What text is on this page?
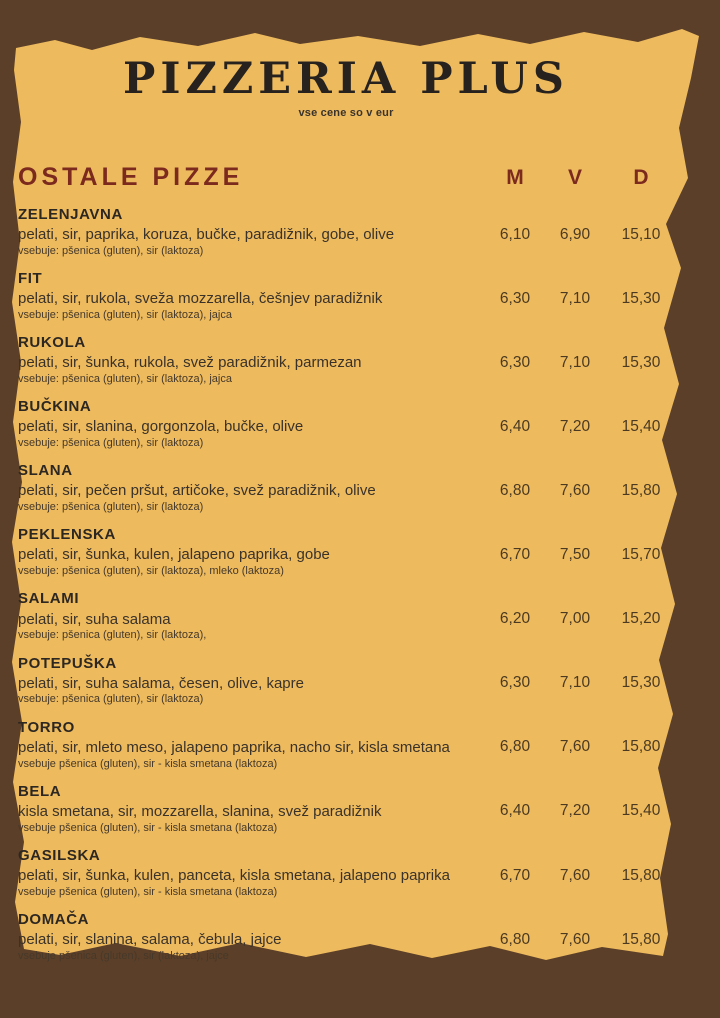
PIZZERIA PLUS
vse cene so v eur
OSTALE PIZZE	M	V	D
ZELENJAVNA
pelati, sir, paprika, koruza, bučke, paradižnik, gobe, olive	6,10	6,90	15,10
vsebuje: pšenica (gluten), sir (laktoza)
FIT
pelati, sir, rukola, sveža mozzarella, češnjev paradižnik	6,30	7,10	15,30
vsebuje: pšenica (gluten), sir (laktoza), jajca
RUKOLA
pelati, sir, šunka, rukola, svež paradižnik, parmezan	6,30	7,10	15,30
vsebuje: pšenica (gluten), sir (laktoza), jajca
BUČKINA
pelati, sir, slanina, gorgonzola, bučke, olive	6,40	7,20	15,40
vsebuje: pšenica (gluten), sir (laktoza)
SLANA
pelati, sir, pečen pršut, artičoke, svež paradižnik, olive	6,80	7,60	15,80
vsebuje: pšenica (gluten), sir (laktoza)
PEKLENSKA
pelati, sir, šunka, kulen, jalapeno paprika, gobe	6,70	7,50	15,70
vsebuje: pšenica (gluten), sir (laktoza), mleko (laktoza)
SALAMI
pelati, sir, suha salama	6,20	7,00	15,20
vsebuje: pšenica (gluten), sir (laktoza),
POTEPUŠKA
pelati, sir, suha salama, česen, olive, kapre	6,30	7,10	15,30
vsebuje: pšenica (gluten), sir (laktoza)
TORRO
pelati, sir, mleto meso, jalapeno paprika, nacho sir, kisla smetana	6,80	7,60	15,80
vsebuje pšenica (gluten), sir - kisla smetana (laktoza)
BELA
kisla smetana, sir, mozzarella, slanina, svež paradižnik	6,40	7,20	15,40
vsebuje pšenica (gluten), sir - kisla smetana (laktoza)
GASILSKA
pelati, sir, šunka, kulen, panceta, kisla smetana, jalapeno paprika	6,70	7,60	15,80
vsebuje pšenica (gluten), sir - kisla smetana (laktoza)
DOMAČA
pelati, sir, slanina, salama, čebula, jajce	6,80	7,60	15,80
vsebuje pšenica (gluten), sir (laktoza), jajce
